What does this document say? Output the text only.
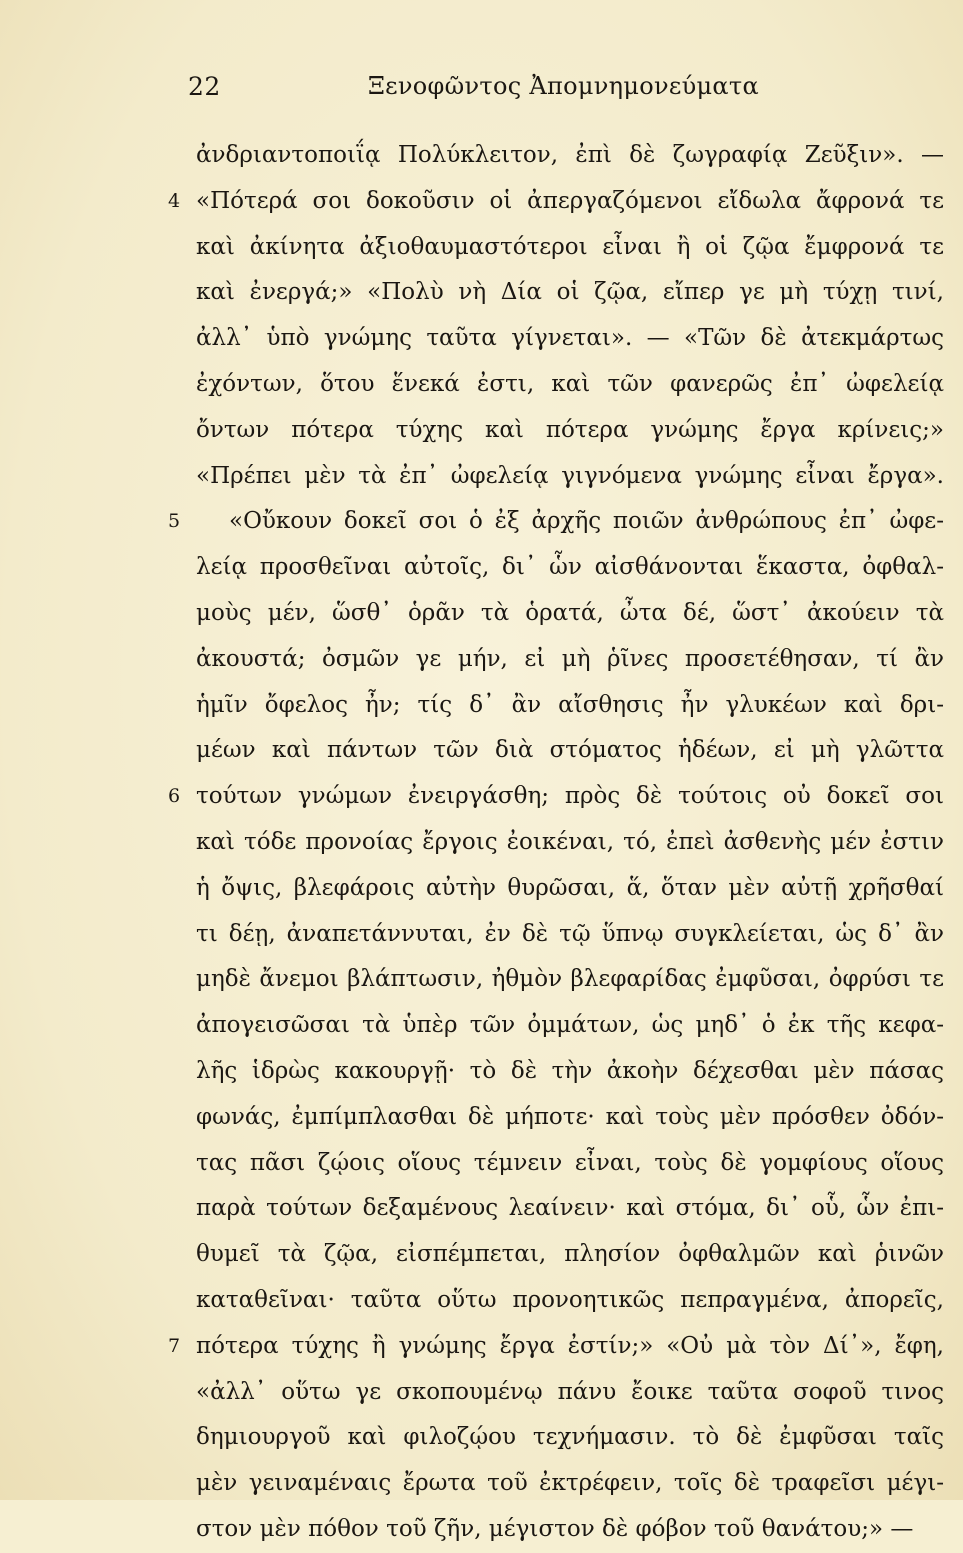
22	Ξενοφῶντος Ἀπομνημονεύματα
ἀνδριαντοποιΐᾳ Πολύκλειτον, ἐπὶ δὲ ζωγραφίᾳ Ζεῦξιν». —
4 «Πότερά σοι δοκοῦσιν οἱ ἀπεργαζόμενοι εἴδωλα ἄφρονά τε
καὶ ἀκίνητα ἀξιοθαυμαστότεροι εἶναι ἢ οἱ ζῷα ἔμφρονά τε
καὶ ἐνεργά;» «Πολὺ νὴ Δία οἱ ζῷα, εἴπερ γε μὴ τύχῃ τινί,
ἀλλ᾽ ὑπὸ γνώμης ταῦτα γίγνεται». — «Τῶν δὲ ἀτεκμάρτως
ἐχόντων, ὅτου ἕνεκά ἐστι, καὶ τῶν φανερῶς ἐπ᾽ ὠφελείᾳ
ὄντων πότερα τύχης καὶ πότερα γνώμης ἔργα κρίνεις;»
«Πρέπει μὲν τὰ ἐπ᾽ ὠφελείᾳ γιγνόμενα γνώμης εἶναι ἔργα».
5 «Οὔκουν δοκεῖ σοι ὁ ἐξ ἀρχῆς ποιῶν ἀνθρώπους ἐπ᾽ ὠφε-
λείᾳ προσθεῖναι αὐτοῖς, δι᾽ ὧν αἰσθάνονται ἕκαστα, ὀφθαλ-
μοὺς μέν, ὥσθ᾽ ὁρᾶν τὰ ὁρατά, ὦτα δέ, ὥστ᾽ ἀκούειν τὰ
ἀκουστά; ὀσμῶν γε μήν, εἰ μὴ ῥῖνες προσετέθησαν, τί ἂν
ἡμῖν ὄφελος ἦν; τίς δ᾽ ἂν αἴσθησις ἦν γλυκέων καὶ δρι-
μέων καὶ πάντων τῶν διὰ στόματος ἡδέων, εἰ μὴ γλῶττα
6 τούτων γνώμων ἐνειργάσθη; πρὸς δὲ τούτοις οὐ δοκεῖ σοι
καὶ τόδε προνοίας ἔργοις ἐοικέναι, τό, ἐπεὶ ἀσθενὴς μέν ἐστιν
ἡ ὄψις, βλεφάροις αὐτὴν θυρῶσαι, ἅ, ὅταν μὲν αὐτῇ χρῆσθαί
τι δέῃ, ἀναπετάννυται, ἐν δὲ τῷ ὕπνῳ συγκλείεται, ὡς δ᾽ ἂν
μηδὲ ἄνεμοι βλάπτωσιν, ἠθμὸν βλεφαρίδας ἐμφῦσαι, ὀφρύσι τε
ἀπογεισῶσαι τὰ ὑπὲρ τῶν ὀμμάτων, ὡς μηδ᾽ ὁ ἐκ τῆς κεφα-
λῆς ἱδρὼς κακουργῇ· τὸ δὲ τὴν ἀκοὴν δέχεσθαι μὲν πάσας
φωνάς, ἐμπίμπλασθαι δὲ μήποτε· καὶ τοὺς μὲν πρόσθεν ὀδόν-
τας πᾶσι ζῴοις οἵους τέμνειν εἶναι, τοὺς δὲ γομφίους οἵους
παρὰ τούτων δεξαμένους λεαίνειν· καὶ στόμα, δι᾽ οὗ, ὧν ἐπι-
θυμεῖ τὰ ζῷα, εἰσπέμπεται, πλησίον ὀφθαλμῶν καὶ ῥινῶν
καταθεῖναι· ταῦτα οὕτω προνοητικῶς πεπραγμένα, ἀπορεῖς,
7 πότερα τύχης ἢ γνώμης ἔργα ἐστίν;» «Οὐ μὰ τὸν Δί᾽», ἔφη,
«ἀλλ᾽ οὕτω γε σκοπουμένῳ πάνυ ἔοικε ταῦτα σοφοῦ τινος
δημιουργοῦ καὶ φιλοζῴου τεχνήμασιν. τὸ δὲ ἐμφῦσαι ταῖς
μὲν γειναμέναις ἔρωτα τοῦ ἐκτρέφειν, τοῖς δὲ τραφεῖσι μέγι-
στον μὲν πόθον τοῦ ζῆν, μέγιστον δὲ φόβον τοῦ θανάτου;» —
